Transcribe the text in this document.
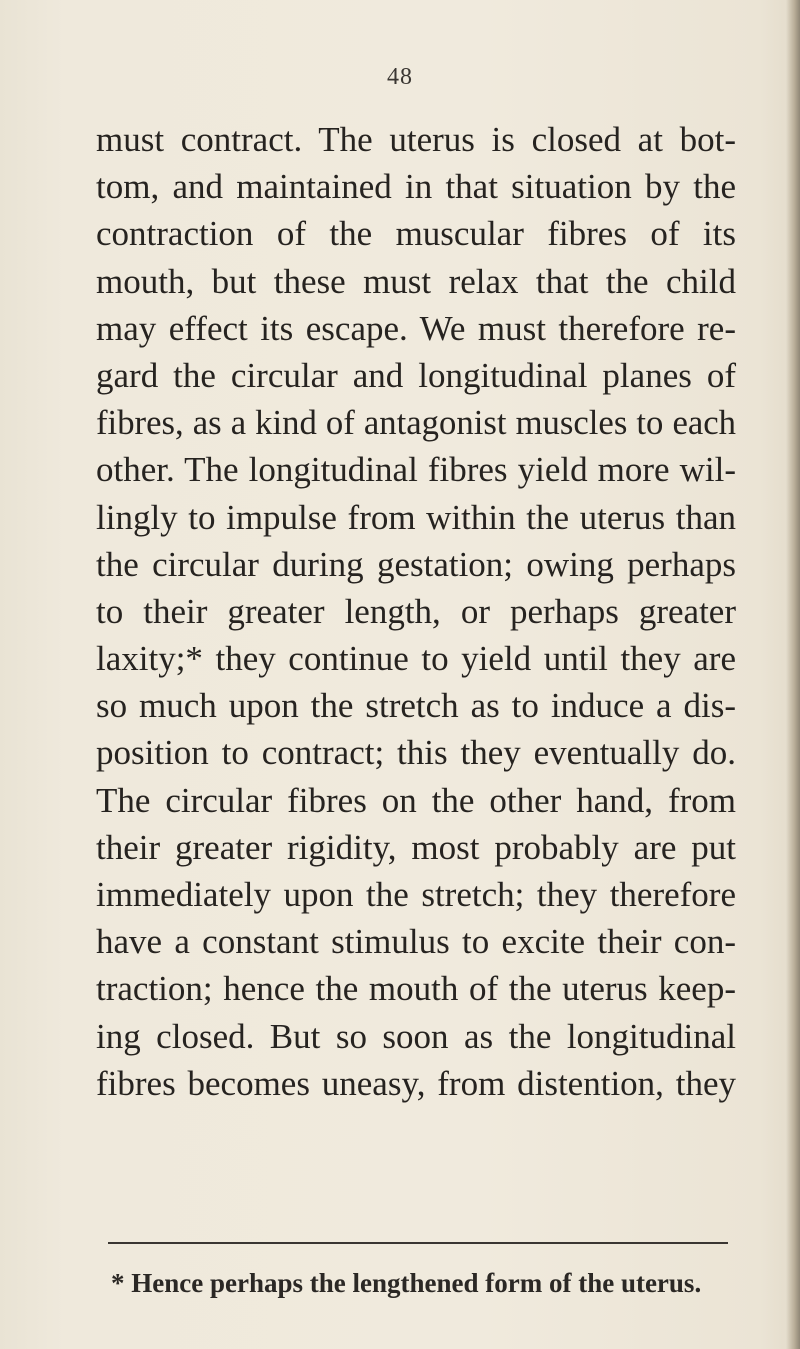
48
must contract. The uterus is closed at bot-
tom, and maintained in that situation by the
contraction of the muscular fibres of its
mouth, but these must relax that the child
may effect its escape. We must therefore re-
gard the circular and longitudinal planes of
fibres, as a kind of antagonist muscles to each
other. The longitudinal fibres yield more wil-
lingly to impulse from within the uterus than
the circular during gestation; owing perhaps
to their greater length, or perhaps greater
laxity;* they continue to yield until they are
so much upon the stretch as to induce a dis-
position to contract; this they eventually do.
The circular fibres on the other hand, from
their greater rigidity, most probably are put
immediately upon the stretch; they therefore
have a constant stimulus to excite their con-
traction; hence the mouth of the uterus keep-
ing closed. But so soon as the longitudinal
fibres becomes uneasy, from distention, they
* Hence perhaps the lengthened form of the uterus.
